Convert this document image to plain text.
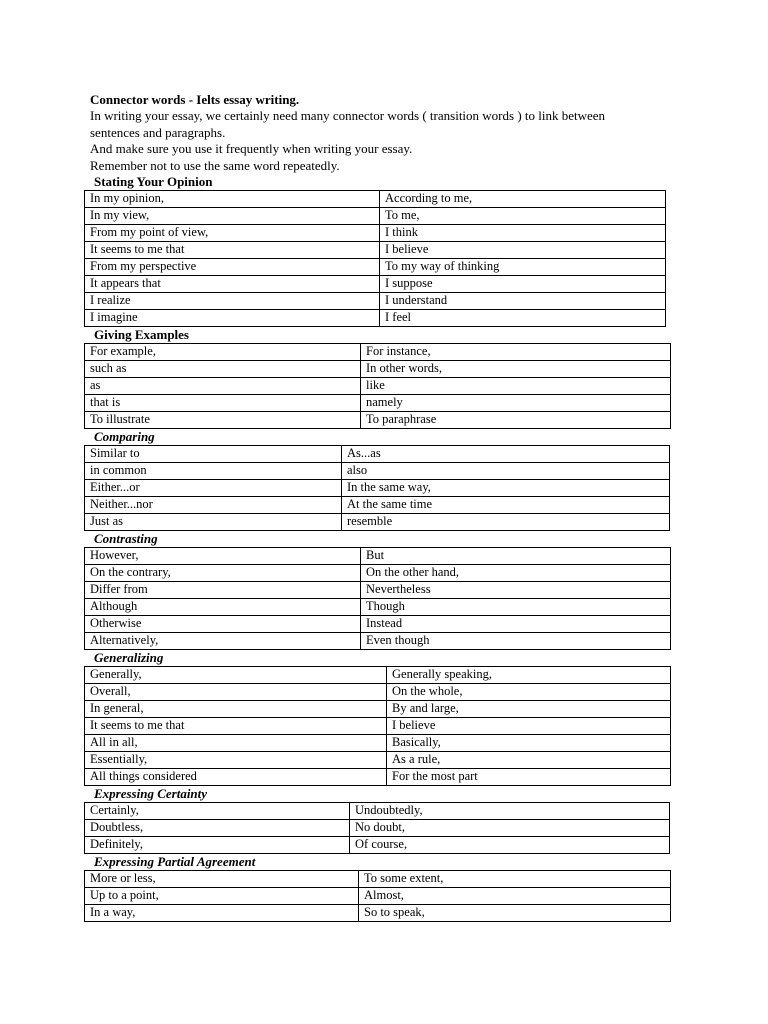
Connector words - Ielts essay writing.

In writing your essay, we certainly need many connector words ( transition words ) to link between

sentences and paragraphs.

And make sure you use it frequently when writing your essay.

Remember not to use the same word repeatedly.

Stating Your Opinion
In my opinion,	According to me,
In my view,	To me,
From my point of view,	I think
It seems to me that	I believe
From my perspective	To my way of thinking
It appears that	I suppose
I realize	I understand
I imagine	I feel
Giving Examples
For example,	For instance,
such as	In other words,
as	like
that is	namely
To illustrate	To paraphrase
Comparing
Similar to	As...as
in common	also
Either...or	In the same way,
Neither...nor	At the same time
Just as	resemble
Contrasting
However,	But
On the contrary,	On the other hand,
Differ from	Nevertheless
Although	Though
Otherwise	Instead
Alternatively,	Even though
Generalizing
Generally,	Generally speaking,
Overall,	On the whole,
In general,	By and large,
It seems to me that	I believe
All in all,	Basically,
Essentially,	As a rule,
All things considered	For the most part
Expressing Certainty
Certainly,	Undoubtedly,
Doubtless,	No doubt,
Definitely,	Of course,
Expressing Partial Agreement
More or less,	To some extent,
Up to a point,	Almost,
In a way,	So to speak,
